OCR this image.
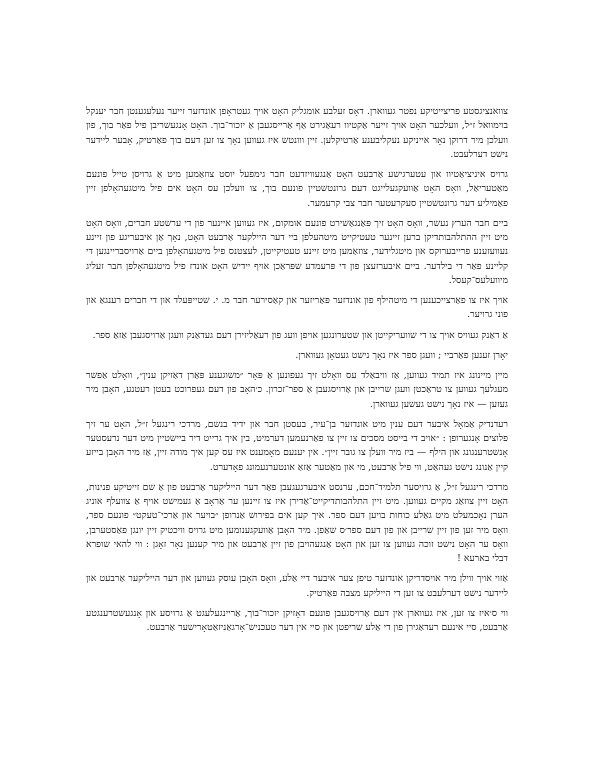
צוואנציגסטע פריצייטיקע נפטר געווארן. דאָס זעלבע אומגליק האָט אויך געטראָפן אונדזער זייער נעלעגענטן חבר יענקל בוימוואל ז״ל, וועלכער האָט אויך זייער אַקטיוו רעאַגירט אַף אַרייסגעבן אַ יזכור־בוך. האָט אָנגעשריבן פיל פאַר בוך, פון וועלכן מיר דרוקן נאָר אייניקע נעקליבענע אַרטיקלען. זיין ווונטש איז געווען נאָך צו זען דעם בוך פאַרטיק, אָבער ליידער נישט דערלעבט.

גרויס איניציאַטיוו און עטערגישע אַרבעט האָט אַנגעוויזדעט חבר גימפעל יוסט צוזאַמען מיט אַ גרויסן טייל פונעם מאַטעריאַל, וואָס האָט אַוועקגעלייגט דעם גרונטשטיין פונעם בוך, צו וועלכן עס האָט אים פיל מיטגעהאָלפן זיין פאַמיליע דער גרונטשטיין סעקרעטער חבר צבי קרעמער.

ביים חבר הערץ נעשר, וואָס האָט זיך פּאַנגאַשירט פונעם אומקום, איז געווען איינער פון די ערשטע חברים, וואָס האָט מיט זיין ההתלהבותדיקן ברען זיינער טעטיקייט מיטהעלפן ביי דער היילקער אַרבעט האָט, נאָך אַן איבעריגע פון זיינע נעוועזענע פרייבערוקס און מיטגלידער, צוזאַמען מיט זיינע טעטיקייטן, לעצטנס פיל מיטגעהאָלפן ביים אַרויסבריינגען די קליינע פאַר די בילדער. ביים איבערזעצן פון די פּרעמדע שפּראַכן אויף יידיש האָט אונדז פיל מיטגעהאָלפן חבר זעליג מיוועלעס־קעסל.

אויך איז צו פאַרצייכענען די מיטהילף פון אונדזער פּאַריזער און קאַסירער חבר מ. י. שטייפּעלד און די חברים רענגאַ און פוני גרויער.

אַ דאַנק געוויס אויך צו די שוועריקייטן און שטערונגען אויפן וועג פון רעאַליזירן דעם געדאַנק וועגן אַרויסגעבן אַזאַ ספר.

יאָרן זענען פאַרביי ; וועגן ספר איז נאָך נישט געטאָן געווארן.

מיין מיינונג איז תמיד געווען, אַז וויבאַלד עס וואָלט זיך געפונען אַ פּאָר ״משוגענע פּאַרן דאַזיקן ענין״, וואָלט אַפשר מעגלעך געווען צו טראַכטן וועגן שרייבן און אַרויסגעבן אַ ספר־זכרון. כ׳האָב פון דעם געפרוכט בעטן רעטנע, האָבן מיר געזען — איז נאָך נישט געשען געווארן.

רעדנדיק אַמאָל איבער דעם ענין מיט אונדזער בן־עיר, בעסטן חבר און ידיד בנשם, מרדכי רינגעל ז״ל, האָט ער זיך פלוצים אָנגערופן : ״אויב די בייסט מסכים צו זיין צו פאַרנעמען דערמיט, בין איך גרייט דיר ביישטיין מיט דער נרעסטער אָנשטרענגונג און הילף — ביז מיר וועלן צו גובר זיין״. אין יענעם מאָמענט איז עס קען איך מודה זיין, אַז מיר האָבן בייזע קיין אַנונג נישט געהאַט, ווי פיל אַרבעט, מי און מאַטער אַזאַ אונטערנעמונג פאָדערט.

מרדכי רינגעל ז״ל, אַ גרויסער תלמיד־חכם, ערנסט איבערגעגעבן פאַר דער הייליקער אַרבעט פון אַ שם זייטיקע פנינות, האָט זיין צוזאַג מקיים געווען. מיט זיין התלהבותדיקייט־אַדירן איז צו זיינען ער אַראָב אַ געמישט אויף אַ צוועלף אוניג הערן נאָכמעלט מיט גאַלע כוחות בויען דעם ספר. איך קען אים בפירוש אַנרופן ״בויער און אַרכי־טעקט״ פונעם ספר, וואָס מיר זען פון זיין שרייבן און פון דעם ספר׳ס שאַפן. מיר האָבן אַוועקגענומען מיט גרויס וויכטיק זיין יונגן פאַסטערבן, וואָס ער האָט נישט זוכה געווען צו זען און האָט אַנגעהויבן פון זיין אַרבעט און מיר קענען נאָר זאָגן : ווי להאי שופרא דבלי בארעא !

אַזוי אויך ווילן מיר אויסדריקן אונדזער טיפן צער איבער דיי אַלע, וואָס האָבן עוסק געווען און דער הייליקער אַרבעט און ליידער נישט דערלעבט צו זען די הייליקע מצבה פאַרטיק.

ווי ס׳איז צו זען, איז געווארן אין דעם אַרויסגעבן פונעם דאָזיקן יזכור־בוך, אַריינגעלעגט אַ גרויסע און אָנגעשטרענגטע אַרבעט, סיי אינעם רעדאַגירן פון די אַלע שריפטן און סיי אין דער טעכניש־אָרגאַניזאַטאָרישער אַרבעט.
